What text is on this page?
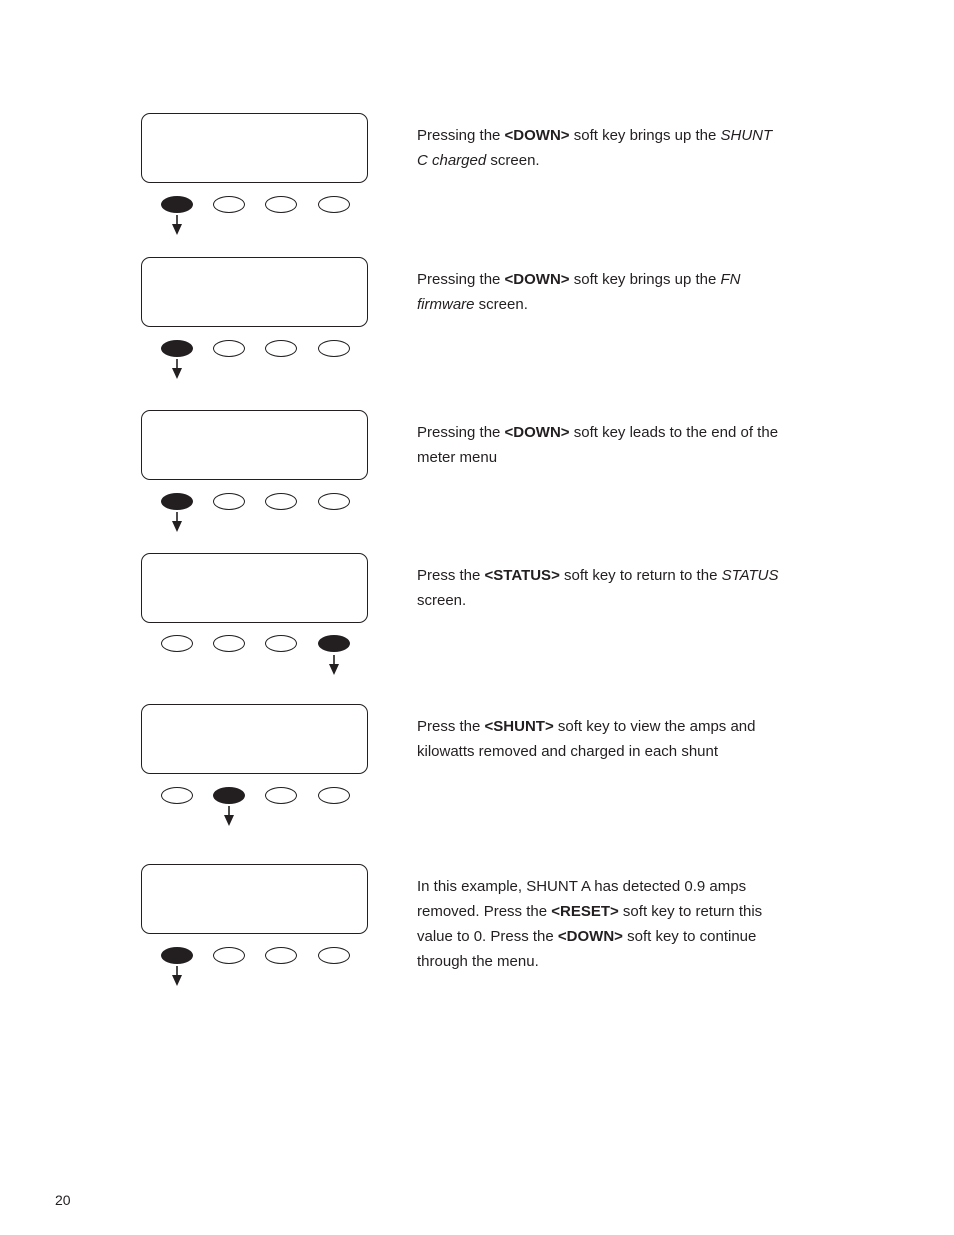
Pressing the <DOWN> soft key brings up the SHUNT C charged screen.
Pressing the <DOWN> soft key brings up the FN firmware screen.
Pressing the <DOWN> soft key leads to the end of the meter menu
Press the <STATUS> soft key to return to the STATUS screen.
Press the <SHUNT> soft key to view the amps and kilowatts removed and charged in each shunt
In this example, SHUNT A has detected 0.9 amps removed. Press the <RESET> soft key to return this value to 0. Press the <DOWN> soft key to continue through the menu.
20
